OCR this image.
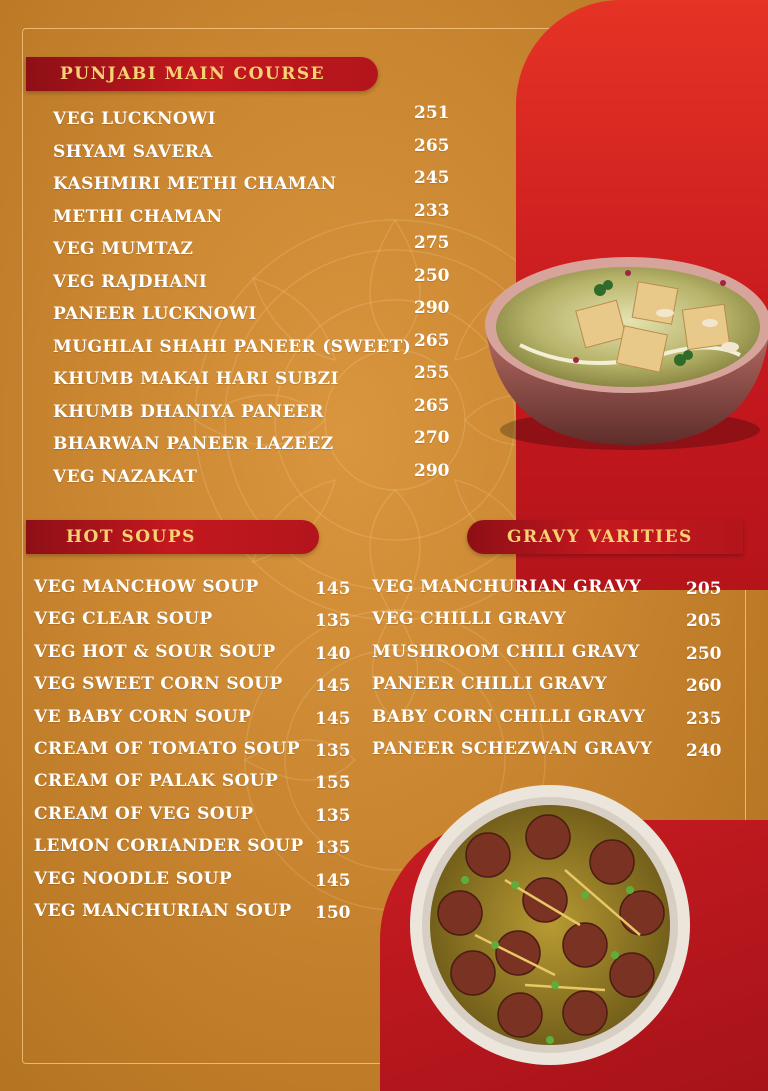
PUNJABI MAIN COURSE
HOT SOUPS	GRAVY VARITIES
VEG LUCKNOWI	251
SHYAM SAVERA	265
KASHMIRI METHI CHAMAN	245
METHI CHAMAN	233
VEG MUMTAZ	275
VEG RAJDHANI	250
PANEER LUCKNOWI	290
MUGHLAI SHAHI PANEER (SWEET) 265
KHUMB MAKAI HARI SUBZI	255
KHUMB DHANIYA PANEER	265
BHARWAN PANEER LAZEEZ	270
VEG NAZAKAT	290
VEG MANCHOW SOUP	145
VEG CLEAR SOUP	135
VEG HOT & SOUR SOUP 140
VEG SWEET CORN SOUP 145
VE BABY CORN SOUP	145
CREAM OF TOMATO SOUP 135
CREAM OF PALAK SOUP 155
CREAM OF VEG SOUP	135
LEMON CORIANDER SOUP 135
VEG NOODLE SOUP	145
VEG MANCHURIAN SOUP 150
VEG MANCHURIAN GRAVY	205
VEG CHILLI GRAVY	205
MUSHROOM CHILI GRAVY	250
PANEER CHILLI GRAVY	260
BABY CORN CHILLI GRAVY 235
PANEER SCHEZWAN GRAVY 240
